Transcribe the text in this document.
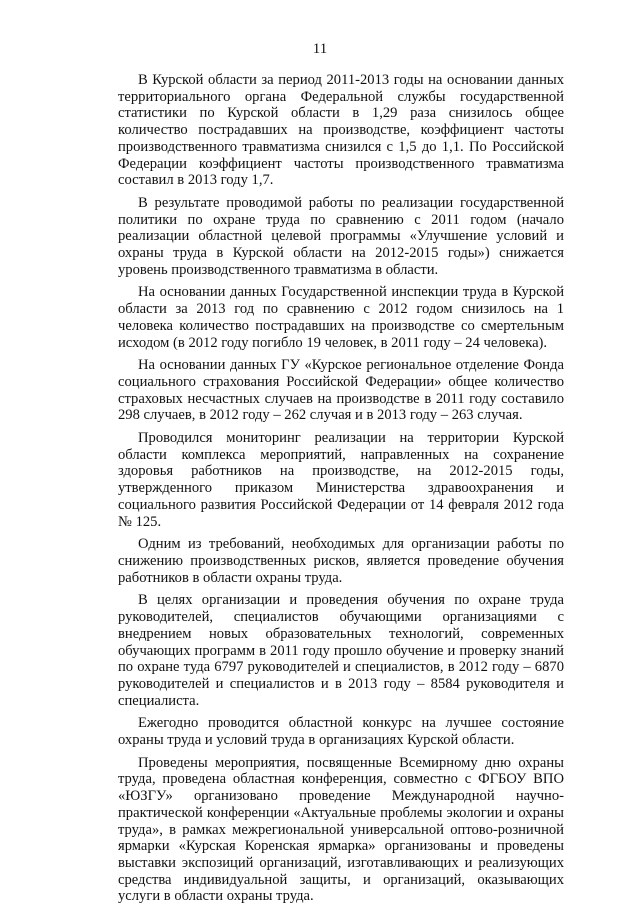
11

В Курской области за период 2011-2013 годы на основании данных территориального органа Федеральной службы государственной статистики по Курской области в 1,29 раза снизилось общее количество пострадавших на производстве, коэффициент частоты производственного травматизма снизился с 1,5 до 1,1. По Российской Федерации коэффициент частоты производственного травматизма составил в 2013 году 1,7.

В результате проводимой работы по реализации государственной политики по охране труда по сравнению с 2011 годом (начало реализации областной целевой программы «Улучшение условий и охраны труда в Курской области на 2012-2015 годы») снижается уровень производственного травматизма в области.

На основании данных Государственной инспекции труда в Курской области за 2013 год по сравнению с 2012 годом снизилось на 1 человека количество пострадавших на производстве со смертельным исходом (в 2012 году погибло 19 человек, в 2011 году – 24 человека).

На основании данных ГУ «Курское региональное отделение Фонда социального страхования Российской Федерации» общее количество страховых несчастных случаев на производстве в 2011 году составило 298 случаев, в 2012 году – 262 случая и в 2013 году – 263 случая.

Проводился мониторинг реализации на территории Курской области комплекса мероприятий, направленных на сохранение здоровья работников на производстве, на 2012-2015 годы, утвержденного приказом Министерства здравоохранения и социального развития Российской Федерации от 14 февраля 2012 года № 125.

Одним из требований, необходимых для организации работы по снижению производственных рисков, является проведение обучения работников в области охраны труда.

В целях организации и проведения обучения по охране труда руководителей, специалистов обучающими организациями с внедрением новых образовательных технологий, современных обучающих программ в 2011 году прошло обучение и проверку знаний по охране туда 6797 руководителей и специалистов, в 2012 году – 6870 руководителей и специалистов и в 2013 году – 8584 руководителя и специалиста.

Ежегодно проводится областной конкурс на лучшее состояние охраны труда и условий труда в организациях Курской области.

Проведены мероприятия, посвященные Всемирному дню охраны труда, проведена областная конференция, совместно с ФГБОУ ВПО «ЮЗГУ» организовано проведение Международной научно-практической конференции «Актуальные проблемы экологии и охраны труда», в рамках межрегиональной универсальной оптово-розничной ярмарки «Курская Коренская ярмарка» организованы и проведены выставки экспозиций организаций, изготавливающих и реализующих средства индивидуальной защиты, и организаций, оказывающих услуги в области охраны труда.
